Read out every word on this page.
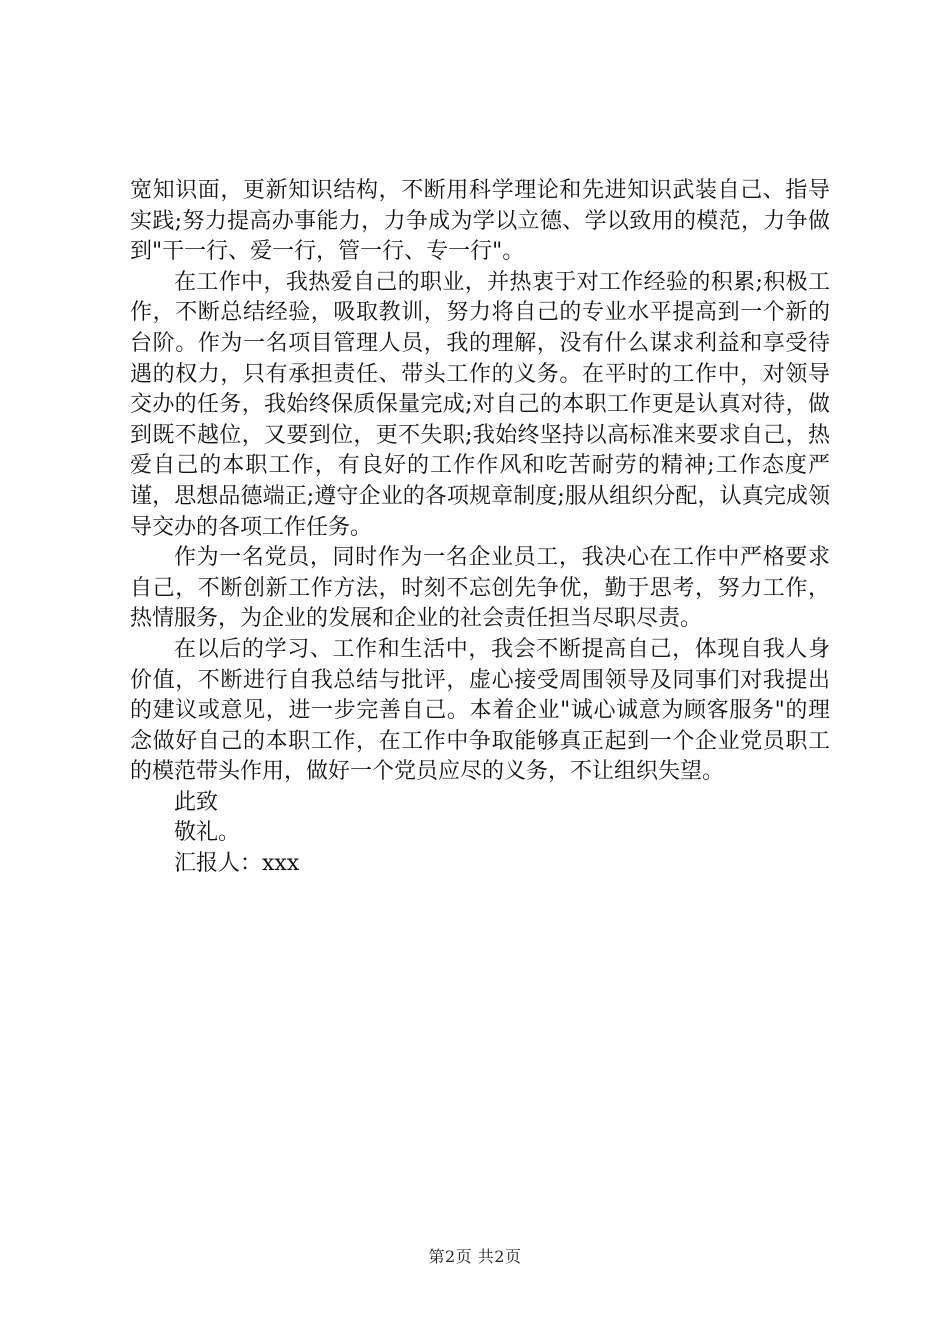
宽知识面，更新知识结构，不断用科学理论和先进知识武装自己、指导实践;努力提高办事能力，力争成为学以立德、学以致用的模范，力争做到"干一行、爱一行，管一行、专一行"。

在工作中，我热爱自己的职业，并热衷于对工作经验的积累;积极工作，不断总结经验，吸取教训，努力将自己的专业水平提高到一个新的台阶。作为一名项目管理人员，我的理解，没有什么谋求利益和享受待遇的权力，只有承担责任、带头工作的义务。在平时的工作中，对领导交办的任务，我始终保质保量完成;对自己的本职工作更是认真对待，做到既不越位，又要到位，更不失职;我始终坚持以高标准来要求自己，热爱自己的本职工作，有良好的工作作风和吃苦耐劳的精神;工作态度严谨，思想品德端正;遵守企业的各项规章制度;服从组织分配，认真完成领导交办的各项工作任务。

作为一名党员，同时作为一名企业员工，我决心在工作中严格要求自己，不断创新工作方法，时刻不忘创先争优，勤于思考，努力工作，热情服务，为企业的发展和企业的社会责任担当尽职尽责。

在以后的学习、工作和生活中，我会不断提高自己，体现自我人身价值，不断进行自我总结与批评，虚心接受周围领导及同事们对我提出的建议或意见，进一步完善自己。本着企业"诚心诚意为顾客服务"的理念做好自己的本职工作，在工作中争取能够真正起到一个企业党员职工的模范带头作用，做好一个党员应尽的义务，不让组织失望。

此致

敬礼。

汇报人：xxx

第2页 共2页
